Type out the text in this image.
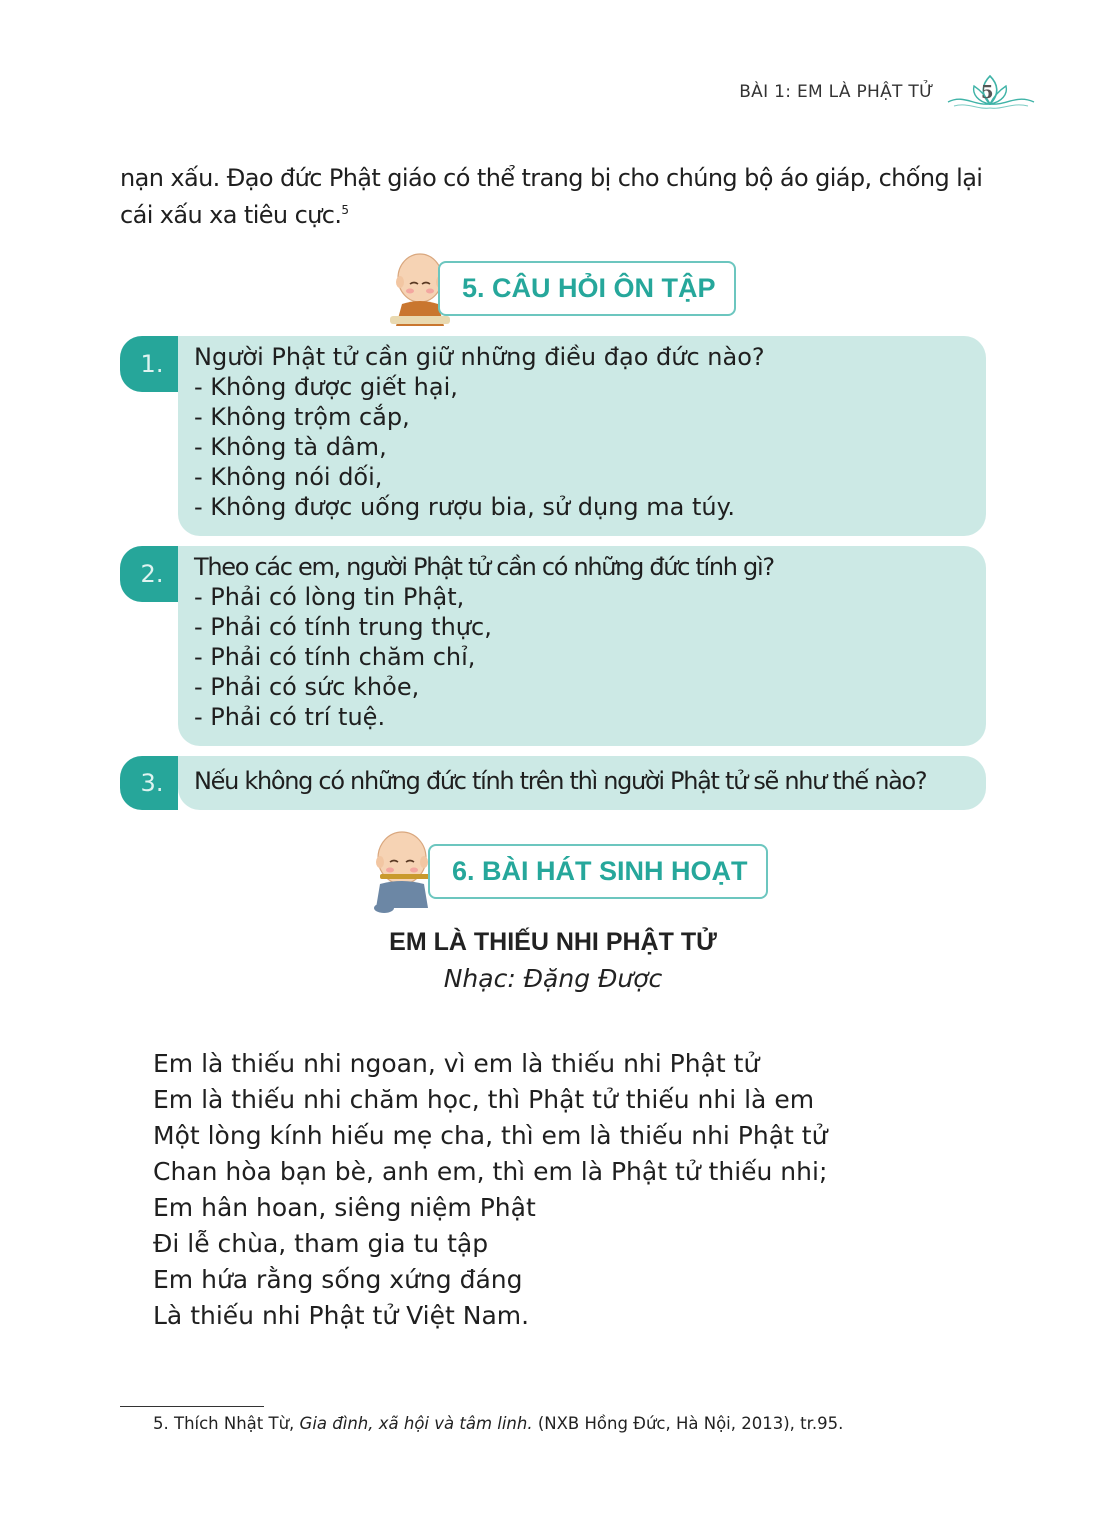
BÀI 1: EM LÀ PHẬT TỬ	5
nạn xấu. Đạo đức Phật giáo có thể trang bị cho chúng bộ áo giáp, chống lại cái xấu xa tiêu cực.$^5$
5. CÂU HỎI ÔN TẬP
1.	Người Phật tử cần giữ những điều đạo đức nào?
- Không được giết hại,
- Không trộm cắp,
- Không tà dâm,
- Không nói dối,
- Không được uống rượu bia, sử dụng ma túy.
2.	Theo các em, người Phật tử cần có những đức tính gì?
- Phải có lòng tin Phật,
- Phải có tính trung thực,
- Phải có tính chăm chỉ,
- Phải có sức khỏe,
- Phải có trí tuệ.
3.	Nếu không có những đức tính trên thì người Phật tử sẽ như thế nào?
6. BÀI HÁT SINH HOẠT
EM LÀ THIẾU NHI PHẬT TỬ
Nhạc: Đặng Được
Em là thiếu nhi ngoan, vì em là thiếu nhi Phật tử
Em là thiếu nhi chăm học, thì Phật tử thiếu nhi là em
Một lòng kính hiếu mẹ cha, thì em là thiếu nhi Phật tử
Chan hòa bạn bè, anh em, thì em là Phật tử thiếu nhi;
Em hân hoan, siêng niệm Phật
Đi lễ chùa, tham gia tu tập
Em hứa rằng sống xứng đáng
Là thiếu nhi Phật tử Việt Nam.
5. Thích Nhật Từ, Gia đình, xã hội và tâm linh. (NXB Hồng Đức, Hà Nội, 2013), tr.95.
